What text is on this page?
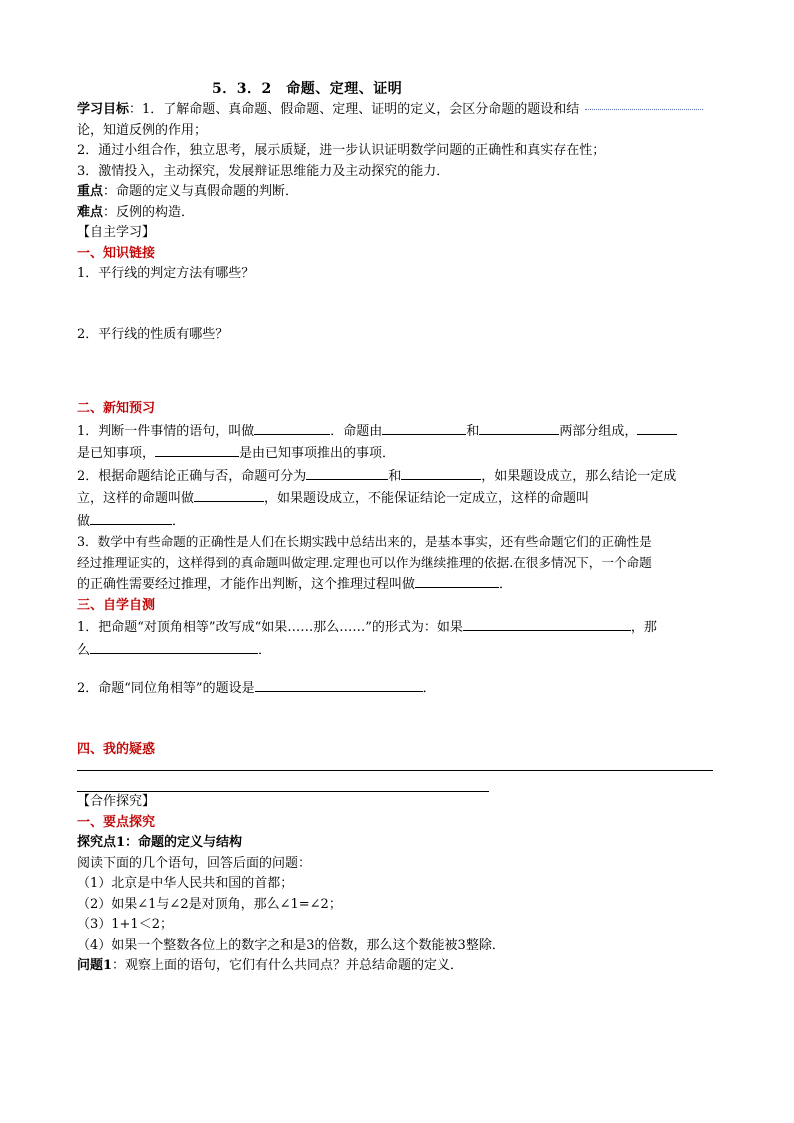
5．3．2　命题、定理、证明
学习目标：1．了解命题、真命题、假命题、定理、证明的定义，会区分命题的题设和结
论，知道反例的作用；
2．通过小组合作，独立思考，展示质疑，进一步认识证明数学问题的正确性和真实存在性；
3．激情投入，主动探究，发展辩证思维能力及主动探究的能力．
重点：命题的定义与真假命题的判断．
难点：反例的构造．
【自主学习】
一、知识链接
1．平行线的判定方法有哪些？
2．平行线的性质有哪些？
二、新知预习
1．判断一件事情的语句，叫做	．命题由	和	两部分组成，
是已知事项，	是由已知事项推出的事项．
2．根据命题结论正确与否，命题可分为	和	，如果题设成立，那么结论一定成
立，这样的命题叫做	，如果题设成立，不能保证结论一定成立，这样的命题叫
做	．
3．数学中有些命题的正确性是人们在长期实践中总结出来的，是基本事实，还有些命题它们的正确性是
经过推理证实的，这样得到的真命题叫做定理.定理也可以作为继续推理的依据.在很多情况下，一个命题
的正确性需要经过推理，才能作出判断，这个推理过程叫做	．
三、自学自测
1．把命题“对顶角相等”改写成“如果……那么……”的形式为：如果	，那
么	．
2．命题“同位角相等”的题设是	．
四、我的疑惑
【合作探究】
一、要点探究
探究点1：命题的定义与结构
阅读下面的几个语句，回答后面的问题：
（1）北京是中华人民共和国的首都；
（2）如果∠1与∠2是对顶角，那么∠1=∠2；
（3）1+1＜2；
（4）如果一个整数各位上的数字之和是3的倍数，那么这个数能被3整除．
问题1：观察上面的语句，它们有什么共同点？并总结命题的定义．
